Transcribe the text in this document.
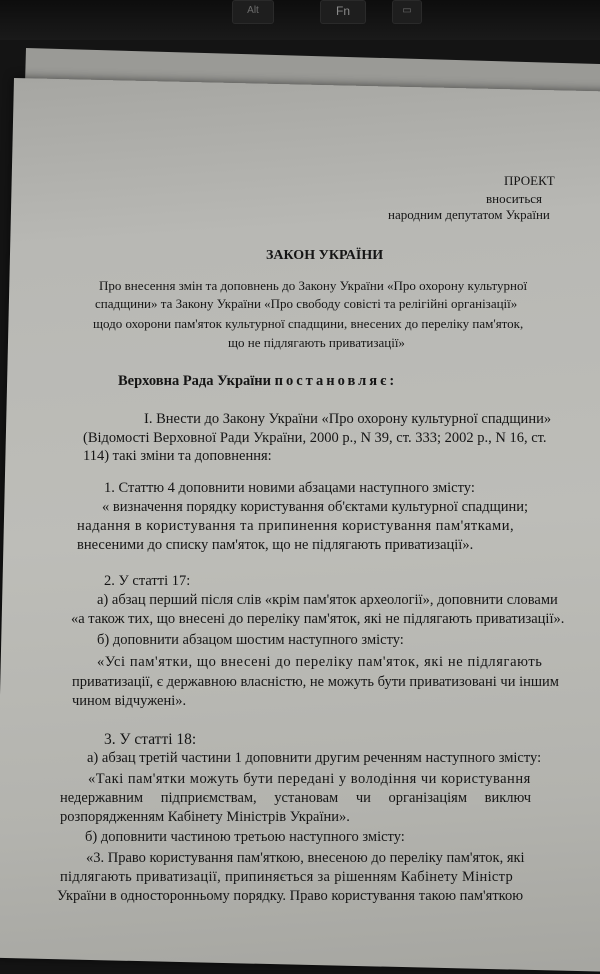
Alt	Fn	▭
ПРОЕКТ
вноситься
народним депутатом України
ЗАКОН УКРАЇНИ
Про внесення змін та доповнень до Закону України «Про охорону культурної
спадщини» та Закону України «Про свободу совісті та релігійні організації»
щодо охорони пам'яток культурної спадщини, внесених до переліку пам'яток,
що не підлягають приватизації»
Верховна Рада України постановляє:
I. Внести до Закону України «Про охорону культурної спадщини»
(Відомості Верховної Ради України, 2000 р., N 39, ст. 333; 2002 р., N 16, ст.
114) такі зміни та доповнення:
1. Статтю 4 доповнити новими абзацами наступного змісту:
« визначення порядку користування об'єктами культурної спадщини;
надання в користування та припинення користування пам'ятками,
внесеними до списку пам'яток, що не підлягають приватизації».
2. У статті 17:
а) абзац перший після слів «крім пам'яток археології», доповнити словами
«а також тих, що внесені до переліку пам'яток, які не підлягають приватизації».
б) доповнити абзацом шостим наступного змісту:
«Усі пам'ятки, що внесені до переліку пам'яток, які не підлягають
приватизації, є державною власністю, не можуть бути приватизовані чи іншим
чином відчужені».
3. У статті 18:
а) абзац третій частини 1 доповнити другим реченням наступного змісту:
«Такі пам'ятки можуть бути передані у володіння чи користування
недержавним підприємствам, установам чи організаціям виключ
розпорядженням Кабінету Міністрів України».
б) доповнити частиною третьою наступного змісту:
«3. Право користування пам'яткою, внесеною до переліку пам'яток, які
підлягають приватизації, припиняється за рішенням Кабінету Міністр
України в односторонньому порядку. Право користування такою пам'яткою
